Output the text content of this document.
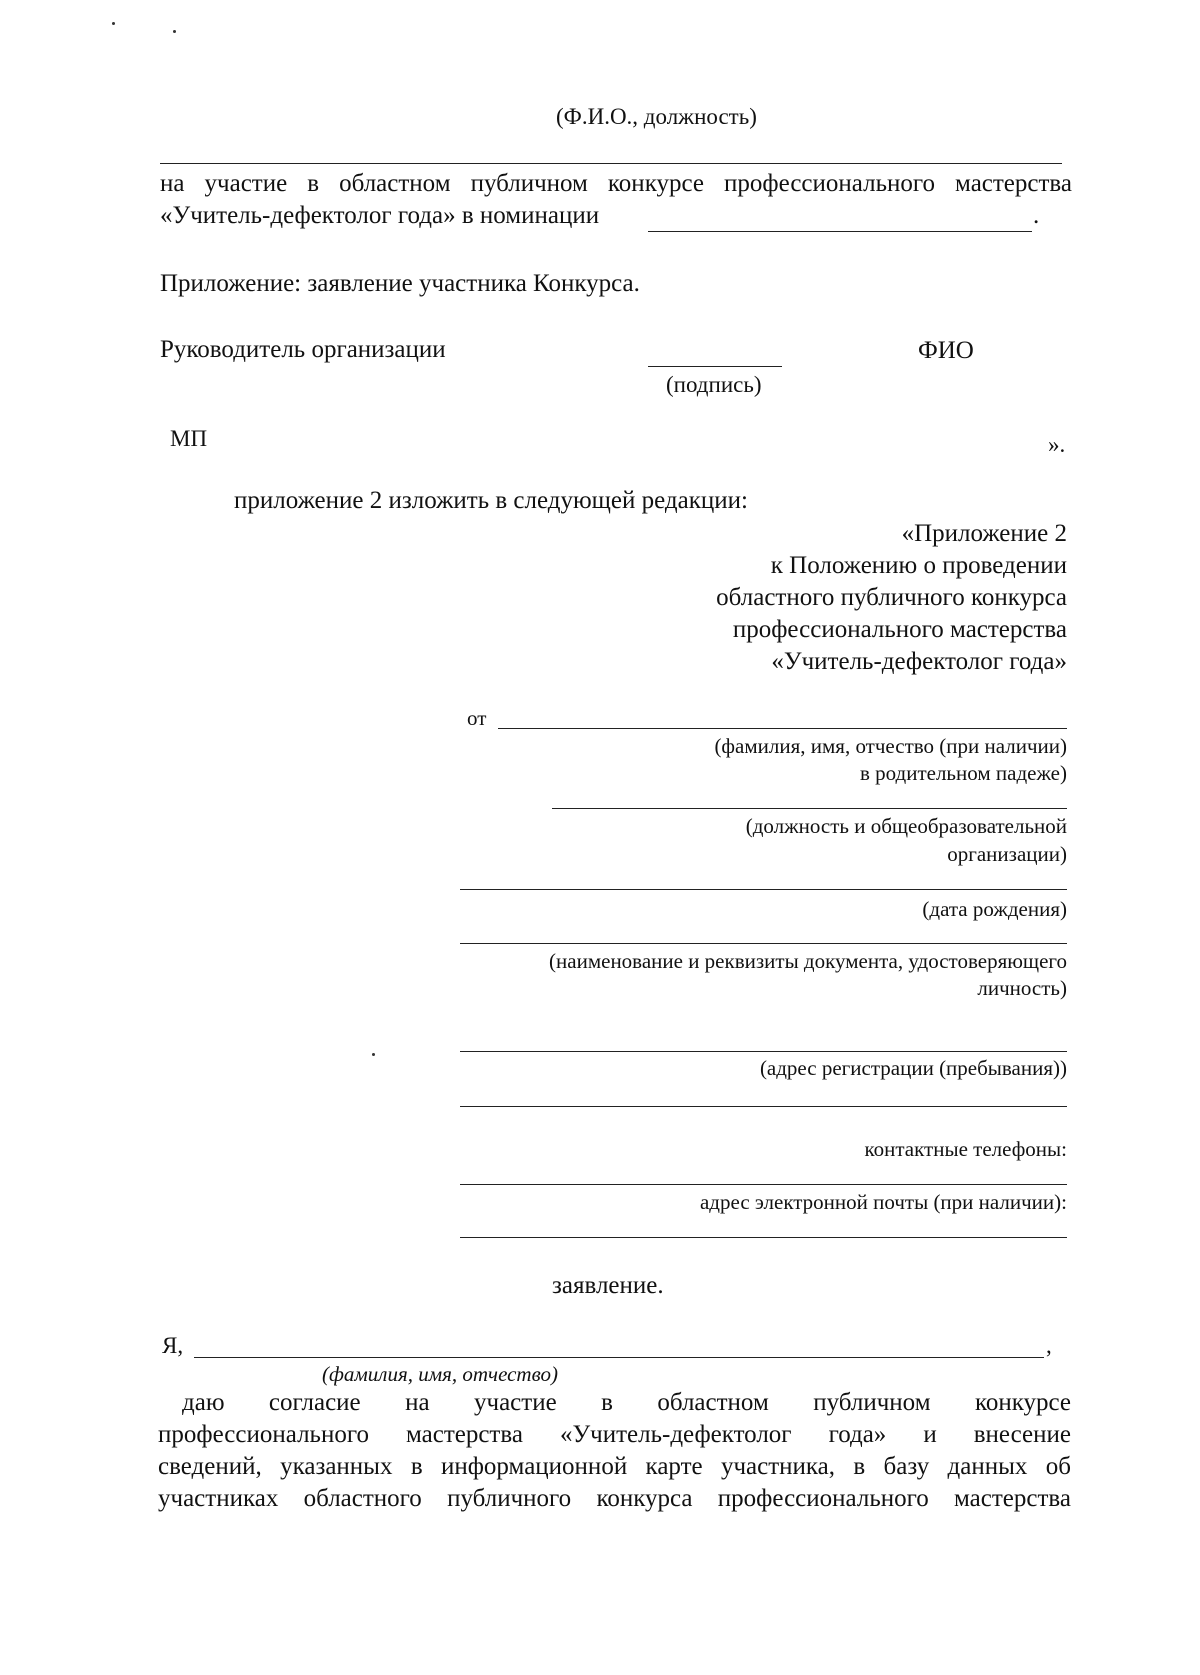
(Ф.И.О., должность)
на участие в областном публичном конкурсе профессионального мастерства
«Учитель-дефектолог года» в номинации	.
Приложение: заявление участника Конкурса.
Руководитель организации
(подпись)
ФИО
МП	».
приложение 2 изложить в следующей редакции:
«Приложение 2
к Положению о проведении
областного публичного конкурса
профессионального мастерства
«Учитель-дефектолог года»
от
(фамилия, имя, отчество (при наличии)
в родительном падеже)
(должность и общеобразовательной
организации)
(дата рождения)
(наименование и реквизиты документа, удостоверяющего
личность)
(адрес регистрации (пребывания))
контактные телефоны:
адрес электронной почты (при наличии):
заявление.
Я,	,
(фамилия, имя, отчество)
даю согласие на участие в областном публичном конкурсе
профессионального мастерства «Учитель-дефектолог года» и внесение
сведений, указанных в информационной карте участника, в базу данных об
участниках областного публичного конкурса профессионального мастерства
